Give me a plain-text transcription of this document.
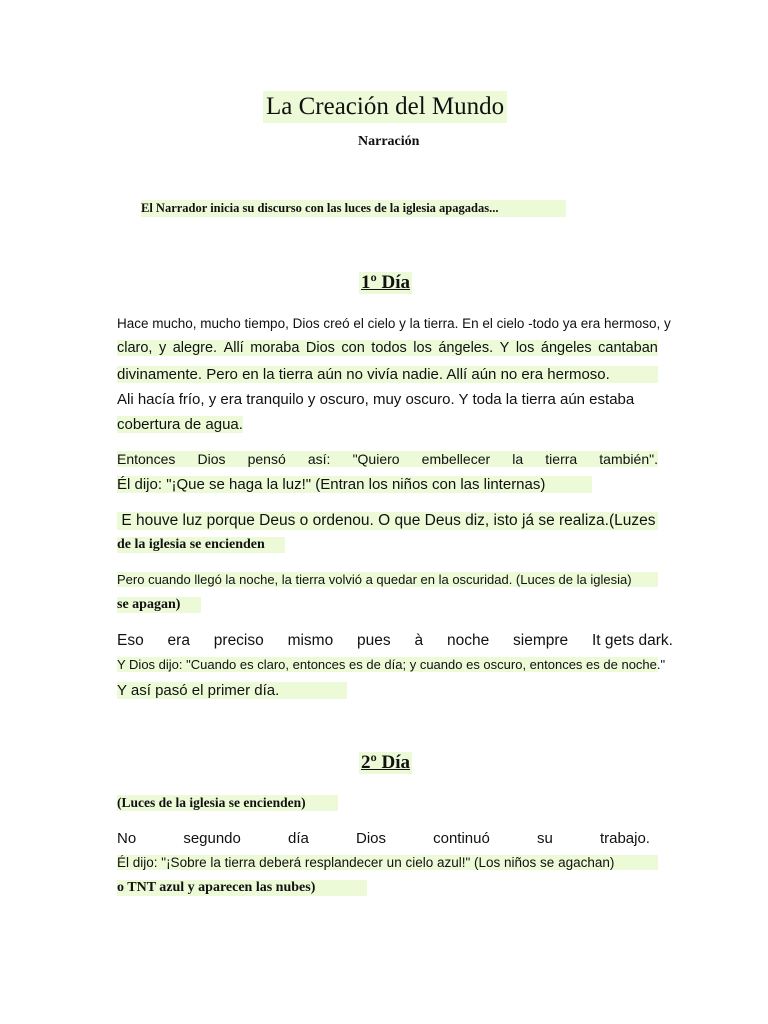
La Creación del Mundo
Narración
El Narrador inicia su discurso con las luces de la iglesia apagadas...
1º Día
Hace mucho, mucho tiempo, Dios creó el cielo y la tierra. En el cielo -todo ya era hermoso, y
claro, y alegre. Allí moraba Dios con todos los ángeles. Y los ángeles cantaban
divinamente. Pero en la tierra aún no vivía nadie. Allí aún no era hermoso.
Ali hacía frío, y era tranquilo y oscuro, muy oscuro. Y toda la tierra aún estaba
cobertura de agua.
Entonces Dios pensó así: "Quiero embellecer la tierra también".
Él dijo: "¡Que se haga la luz!" (Entran los niños con las linternas)
E houve luz porque Deus o ordenou. O que Deus diz, isto já se realiza.(Luzes
de la iglesia se encienden
Pero cuando llegó la noche, la tierra volvió a quedar en la oscuridad. (Luces de la iglesia)
se apagan)
Eso era preciso mismo pues à noche siempre It gets dark.
Y Dios dijo: "Cuando es claro, entonces es de día; y cuando es oscuro, entonces es de noche."
Y así pasó el primer día.
2º Día
(Luces de la iglesia se encienden)
No	segundo	día	Dios	continuó	su	trabajo.
Él dijo: "¡Sobre la tierra deberá resplandecer un cielo azul!" (Los niños se agachan)
o TNT azul y aparecen las nubes)
